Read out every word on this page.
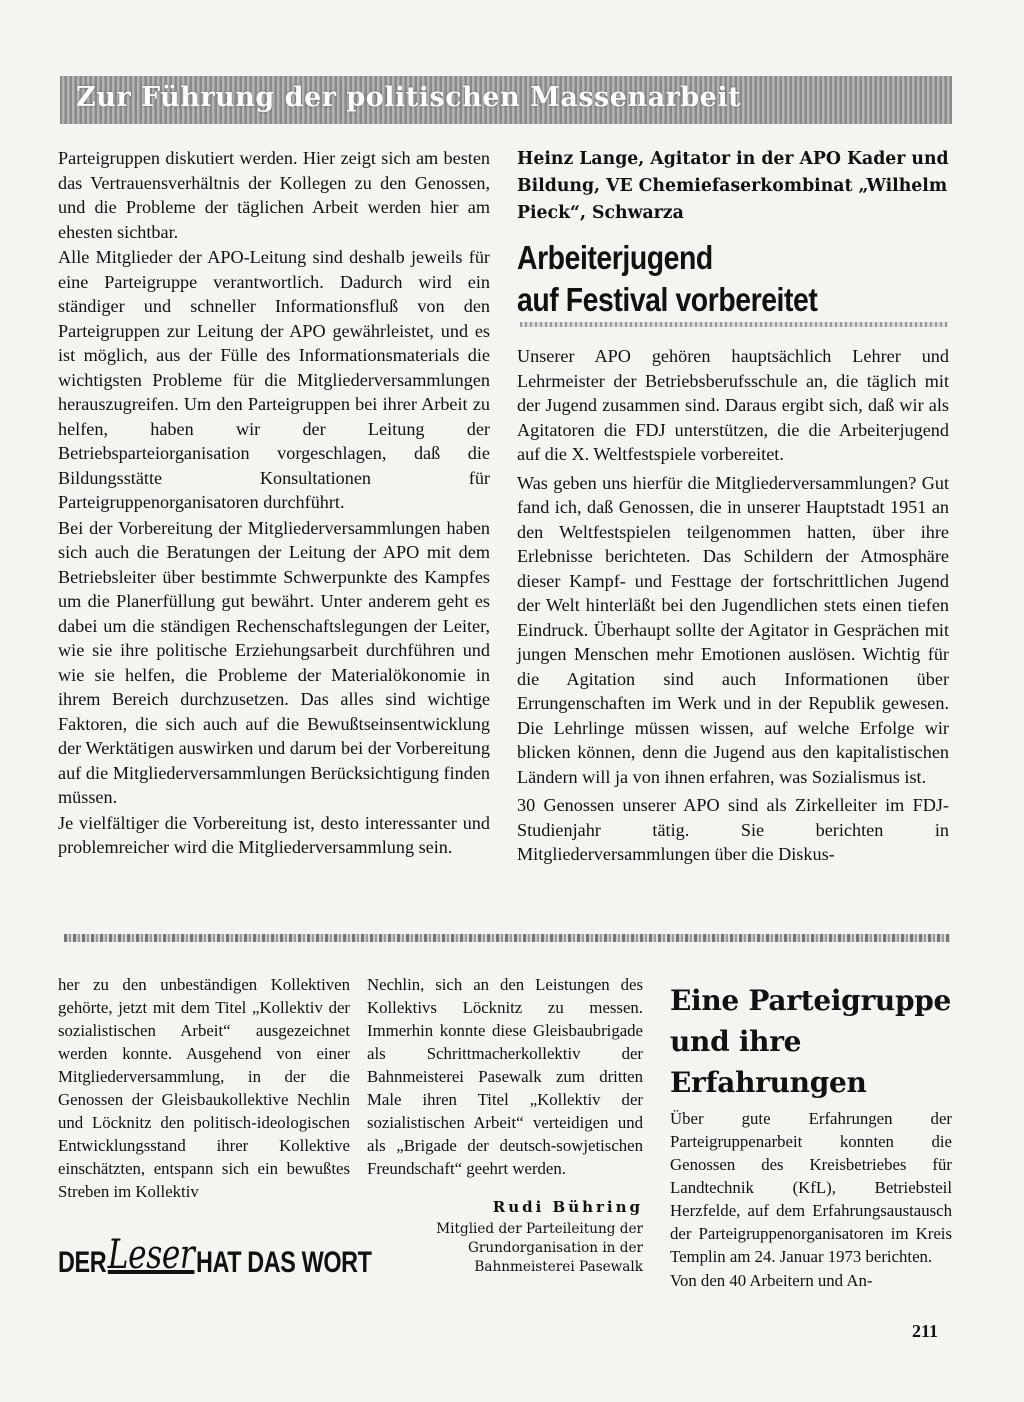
Zur Führung der politischen Massenarbeit

Parteigruppen diskutiert werden. Hier zeigt sich am besten das Vertrauensverhältnis der Kollegen zu den Genossen, und die Probleme der täglichen Arbeit werden hier am ehesten sichtbar.

Alle Mitglieder der APO-Leitung sind deshalb jeweils für eine Parteigruppe verantwortlich. Dadurch wird ein ständiger und schneller Informationsfluß von den Parteigruppen zur Leitung der APO gewährleistet, und es ist möglich, aus der Fülle des Informationsmaterials die wichtigsten Probleme für die Mitgliederversammlungen herauszugreifen. Um den Parteigruppen bei ihrer Arbeit zu helfen, haben wir der Leitung der Betriebsparteiorganisation vorgeschlagen, daß die Bildungsstätte Konsultationen für Parteigruppenorganisatoren durchführt.

Bei der Vorbereitung der Mitgliederversammlungen haben sich auch die Beratungen der Leitung der APO mit dem Betriebsleiter über bestimmte Schwerpunkte des Kampfes um die Planerfüllung gut bewährt. Unter anderem geht es dabei um die ständigen Rechenschaftslegungen der Leiter, wie sie ihre politische Erziehungsarbeit durchführen und wie sie helfen, die Probleme der Materialökonomie in ihrem Bereich durchzusetzen. Das alles sind wichtige Faktoren, die sich auch auf die Bewußtseinsentwicklung der Werktätigen auswirken und darum bei der Vorbereitung auf die Mitgliederversammlungen Berücksichtigung finden müssen.

Je vielfältiger die Vorbereitung ist, desto interessanter und problemreicher wird die Mitgliederversammlung sein.

Heinz Lange, Agitator in der APO Kader und Bildung, VE Chemiefaserkombinat „Wilhelm Pieck“, Schwarza

Arbeiterjugend

auf Festival vorbereitet

Unserer APO gehören hauptsächlich Lehrer und Lehrmeister der Betriebsberufsschule an, die täglich mit der Jugend zusammen sind. Daraus ergibt sich, daß wir als Agitatoren die FDJ unterstützen, die die Arbeiterjugend auf die X. Weltfestspiele vorbereitet.

Was geben uns hierfür die Mitgliederversammlungen? Gut fand ich, daß Genossen, die in unserer Hauptstadt 1951 an den Weltfestspielen teilgenommen hatten, über ihre Erlebnisse berichteten. Das Schildern der Atmosphäre dieser Kampf- und Festtage der fortschrittlichen Jugend der Welt hinterläßt bei den Jugendlichen stets einen tiefen Eindruck. Überhaupt sollte der Agitator in Gesprächen mit jungen Menschen mehr Emotionen auslösen. Wichtig für die Agitation sind auch Informationen über Errungenschaften im Werk und in der Republik gewesen. Die Lehrlinge müssen wissen, auf welche Erfolge wir blicken können, denn die Jugend aus den kapitalistischen Ländern will ja von ihnen erfahren, was Sozialismus ist.

30 Genossen unserer APO sind als Zirkelleiter im FDJ-Studienjahr tätig. Sie berichten in Mitgliederversammlungen über die Diskus-

her zu den unbeständigen Kollektiven gehörte, jetzt mit dem Titel „Kollektiv der sozialistischen Arbeit“ ausgezeichnet werden konnte. Ausgehend von einer Mitgliederversammlung, in der die Genossen der Gleisbaukollektive Nechlin und Löcknitz den politisch-ideologischen Entwicklungsstand ihrer Kollektive einschätzten, entspann sich ein bewußtes Streben im Kollektiv

DERLeserHAT DAS WORT

Nechlin, sich an den Leistungen des Kollektivs Löcknitz zu messen. Immerhin konnte diese Gleisbaubrigade als Schrittmacherkollektiv der Bahnmeisterei Pasewalk zum dritten Male ihren Titel „Kollektiv der sozialistischen Arbeit“ verteidigen und als „Brigade der deutsch-sowjetischen Freundschaft“ geehrt werden.

Rudi Bühring

Mitglied der Parteileitung der Grundorganisation in der Bahnmeisterei Pasewalk

Eine Parteigruppe

und ihre

Erfahrungen

Über gute Erfahrungen der Parteigruppenarbeit konnten die Genossen des Kreisbetriebes für Landtechnik (KfL), Betriebsteil Herzfelde, auf dem Erfahrungsaustausch der Parteigruppenorganisatoren im Kreis Templin am 24. Januar 1973 berichten.

Von den 40 Arbeitern und An-

211
